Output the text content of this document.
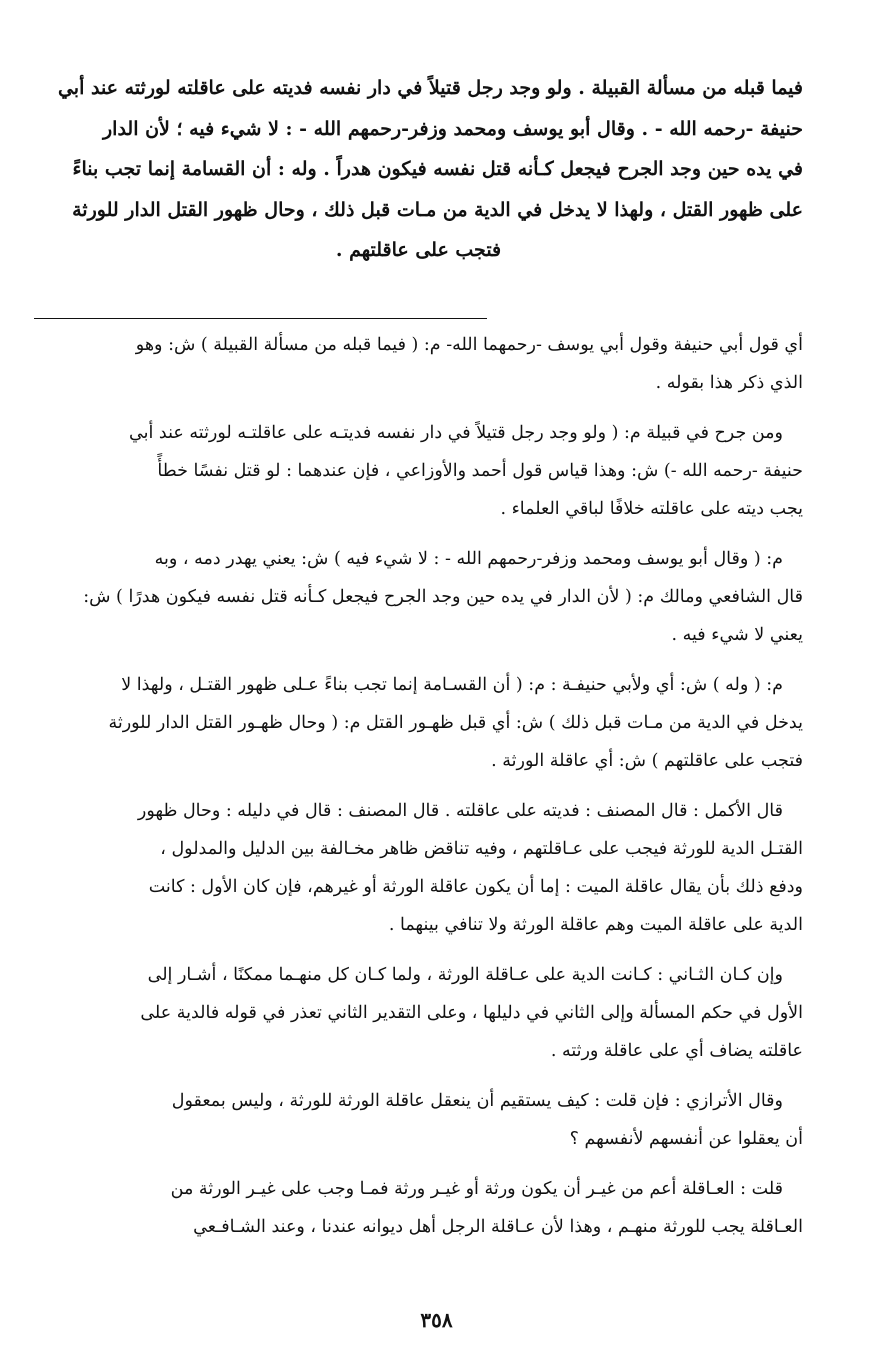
فيما قبله من مسألة القبيلة . ولو وجد رجل قتيلاً في دار نفسه فديته على عاقلته لورثته عند أبي
حنيفة -رحمه الله - . وقال أبو يوسف ومحمد وزفر-رحمهم الله - : لا شيء فيه ؛ لأن الدار
في يده حين وجد الجرح فيجعل كـأنه قتل نفسه فيكون هدراً . وله : أن القسامة إنما تجب بناءً
على ظهور القتل ، ولهذا لا يدخل في الدية من مـات قبل ذلك ، وحال ظهور القتل الدار للورثة
فتجب على عاقلتهم .
أي قول أبي حنيفة وقول أبي يوسف -رحمهما الله- م: ( فيما قبله من مسألة القبيلة ) ش: وهو
الذي ذكر هذا بقوله .
ومن جرح في قبيلة م: ( ولو وجد رجل قتيلاً في دار نفسه فديتـه على عاقلتـه لورثته عند أبي
حنيفة -رحمه الله -) ش: وهذا قياس قول أحمد والأوزاعي ، فإن عندهما : لو قتل نفسًا خطأً
يجب ديته على عاقلته خلافًا لباقي العلماء .
م: ( وقال أبو يوسف ومحمد وزفر-رحمهم الله - : لا شيء فيه ) ش: يعني يهدر دمه ، وبه
قال الشافعي ومالك م: ( لأن الدار في يده حين وجد الجرح فيجعل كـأنه قتل نفسه فيكون هدرًا ) ش:
يعني لا شيء فيه .
م: ( وله ) ش: أي ولأبي حنيفـة : م: ( أن القسـامة إنما تجب بناءً عـلى ظهور القتـل ، ولهذا لا
يدخل في الدية من مـات قبل ذلك ) ش: أي قبل ظهـور القتل م: ( وحال ظهـور القتل الدار للورثة
فتجب على عاقلتهم ) ش: أي عاقلة الورثة .
قال الأكمل : قال المصنف : فديته على عاقلته . قال المصنف : قال في دليله : وحال ظهور
القتـل الدية للورثة فيجب على عـاقلتهم ، وفيه تناقض ظاهر مخـالفة بين الدليل والمدلول ،
ودفع ذلك بأن يقال عاقلة الميت : إما أن يكون عاقلة الورثة أو غيرهم، فإن كان الأول : كانت
الدية على عاقلة الميت وهم عاقلة الورثة ولا تنافي بينهما .
وإن كـان الثـاني : كـانت الدية على عـاقلة الورثة ، ولما كـان كل منهـما ممكنًا ، أشـار إلى
الأول في حكم المسألة وإلى الثاني في دليلها ، وعلى التقدير الثاني تعذر في قوله فالدية على
عاقلته يضاف أي على عاقلة ورثته .
وقال الأترازي : فإن قلت : كيف يستقيم أن ينعقل عاقلة الورثة للورثة ، وليس بمعقول
أن يعقلوا عن أنفسهم لأنفسهم ؟
قلت : العـاقلة أعم من غيـر أن يكون ورثة أو غيـر ورثة فمـا وجب على غيـر الورثة من
العـاقلة يجب للورثة منهـم ، وهذا لأن عـاقلة الرجل أهل ديوانه عندنا ، وعند الشـافـعي
٣٥٨
